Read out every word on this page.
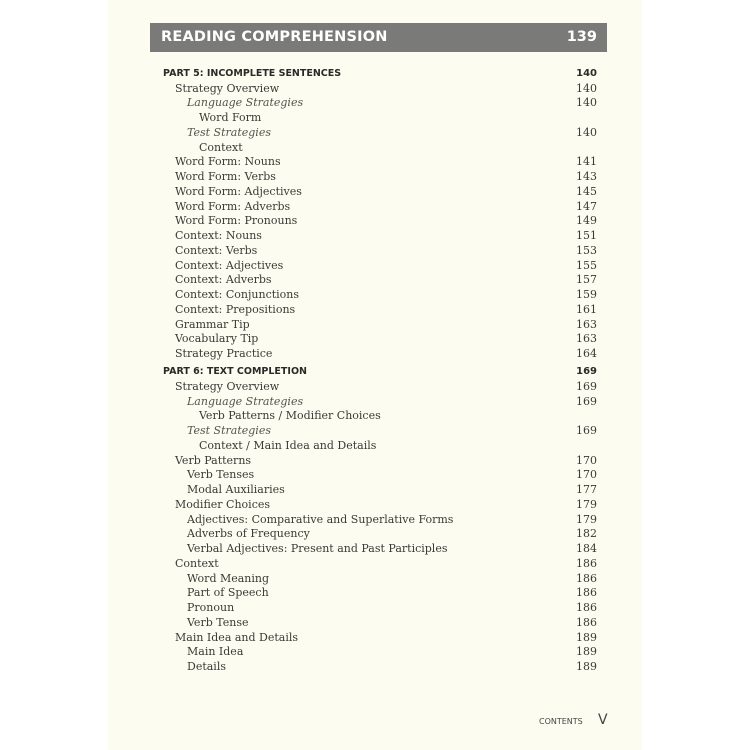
READING COMPREHENSION	139
PART 5: INCOMPLETE SENTENCES	140
Strategy Overview	140
Language Strategies	140
Word Form
Test Strategies	140
Context
Word Form: Nouns	141
Word Form: Verbs	143
Word Form: Adjectives	145
Word Form: Adverbs	147
Word Form: Pronouns	149
Context: Nouns	151
Context: Verbs	153
Context: Adjectives	155
Context: Adverbs	157
Context: Conjunctions	159
Context: Prepositions	161
Grammar Tip	163
Vocabulary Tip	163
Strategy Practice	164
PART 6: TEXT COMPLETION	169
Strategy Overview	169
Language Strategies	169
Verb Patterns / Modifier Choices
Test Strategies	169
Context / Main Idea and Details
Verb Patterns	170
Verb Tenses	170
Modal Auxiliaries	177
Modifier Choices	179
Adjectives: Comparative and Superlative Forms	179
Adverbs of Frequency	182
Verbal Adjectives: Present and Past Participles	184
Context	186
Word Meaning	186
Part of Speech	186
Pronoun	186
Verb Tense	186
Main Idea and Details	189
Main Idea	189
Details	189
CONTENTS V
